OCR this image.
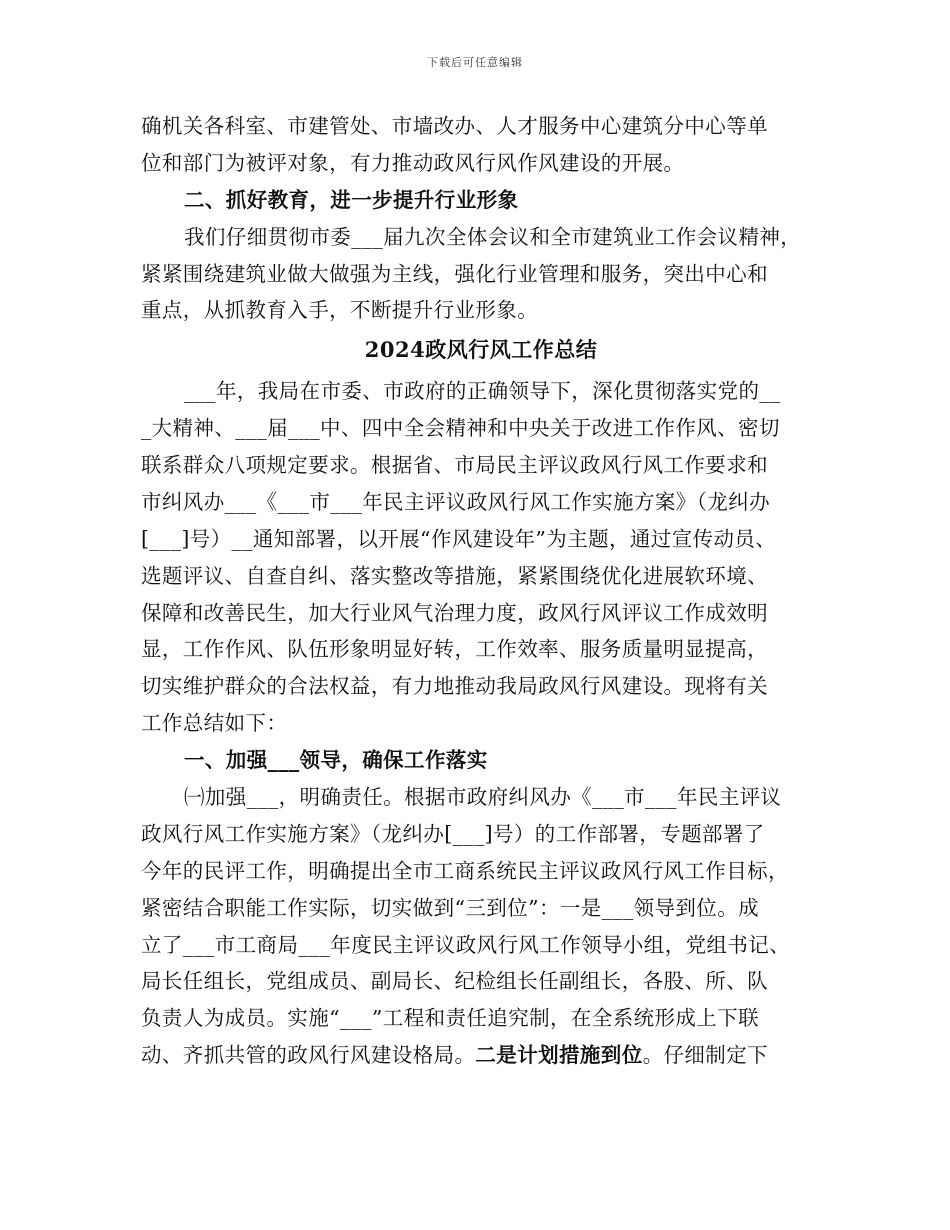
下载后可任意编辑
确机关各科室、市建管处、市墙改办、人才服务中心建筑分中心等单
位和部门为被评对象，有力推动政风行风作风建设的开展。
二、抓好教育，进一步提升行业形象
我们仔细贯彻市委___届九次全体会议和全市建筑业工作会议精神，
紧紧围绕建筑业做大做强为主线，强化行业管理和服务，突出中心和
重点，从抓教育入手，不断提升行业形象。
2024政风行风工作总结
___年，我局在市委、市政府的正确领导下，深化贯彻落实党的__
_大精神、___届___中、四中全会精神和中央关于改进工作作风、密切
联系群众八项规定要求。根据省、市局民主评议政风行风工作要求和
市纠风办___《___市___年民主评议政风行风工作实施方案》（龙纠办
[___]号）__通知部署，以开展“作风建设年”为主题，通过宣传动员、
选题评议、自查自纠、落实整改等措施，紧紧围绕优化进展软环境、
保障和改善民生，加大行业风气治理力度，政风行风评议工作成效明
显，工作作风、队伍形象明显好转，工作效率、服务质量明显提高，
切实维护群众的合法权益，有力地推动我局政风行风建设。现将有关
工作总结如下：
一、加强___领导，确保工作落实
㈠加强___，明确责任。根据市政府纠风办《___市___年民主评议
政风行风工作实施方案》（龙纠办[___]号）的工作部署，专题部署了
今年的民评工作，明确提出全市工商系统民主评议政风行风工作目标，
紧密结合职能工作实际，切实做到“三到位”：一是___领导到位。成
立了___市工商局___年度民主评议政风行风工作领导小组，党组书记、
局长任组长，党组成员、副局长、纪检组长任副组长，各股、所、队
负责人为成员。实施“___”工程和责任追究制，在全系统形成上下联
动、齐抓共管的政风行风建设格局。二是计划措施到位。仔细制定下
